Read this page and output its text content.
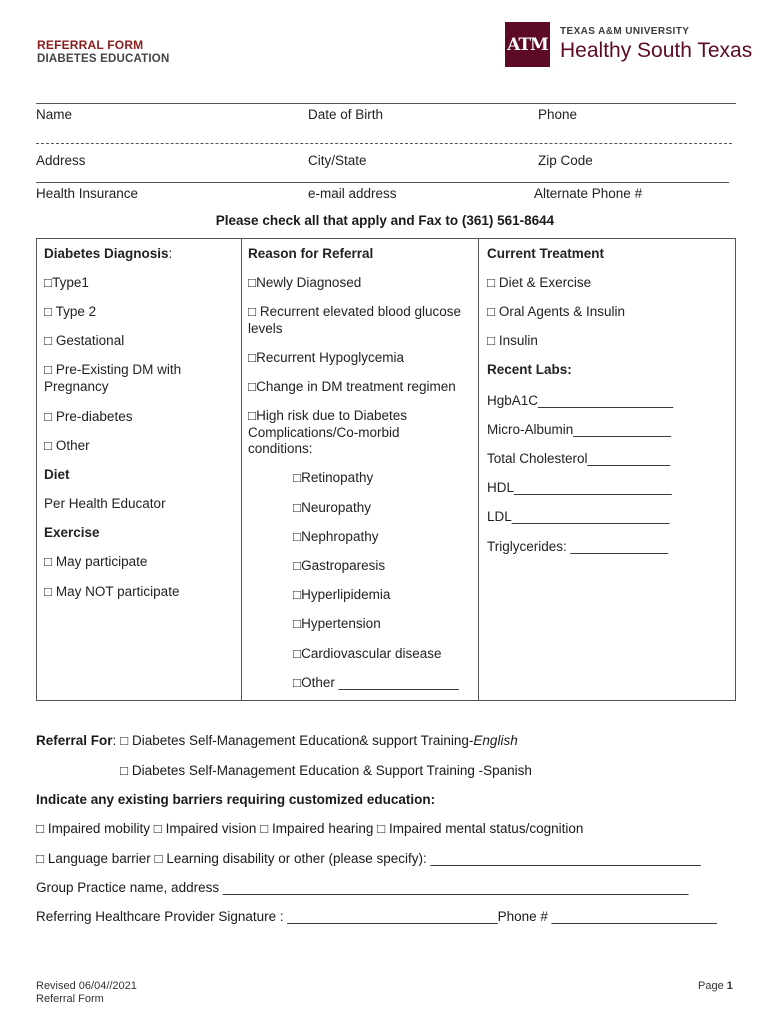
REFERRAL FORM
DIABETES EDUCATION
ATM
TEXAS A&M UNIVERSITY
Healthy South Texas
Name	Date of Birth	Phone
Address	City/State	Zip Code
Health Insurance	e-mail address	Alternate Phone #
Please check all that apply and Fax to (361) 561-8644
Diabetes Diagnosis:
□Type1
□ Type 2
□ Gestational
□ Pre-Existing DM with Pregnancy
□ Pre-diabetes
□ Other
Diet
Per Health Educator
Exercise
□ May participate
□ May NOT participate

Reason for Referral
□Newly Diagnosed
□ Recurrent elevated blood glucose levels
□Recurrent Hypoglycemia
□Change in DM treatment regimen
□High risk due to Diabetes Complications/Co-morbid conditions:
□Retinopathy
□Neuropathy
□Nephropathy
□Gastroparesis
□Hyperlipidemia
□Hypertension
□Cardiovascular disease
□Other ________________

Current Treatment
□ Diet & Exercise
□ Oral Agents & Insulin
□ Insulin
Recent Labs:
HgbA1C__________________
Micro-Albumin_____________
Total Cholesterol___________
HDL_____________________
LDL_____________________
Triglycerides: _____________
Referral For: □ Diabetes Self-Management Education& support Training-English
□ Diabetes Self-Management Education & Support Training -Spanish
Indicate any existing barriers requiring customized education:
□ Impaired mobility □ Impaired vision □ Impaired hearing □ Impaired mental status/cognition
□ Language barrier □ Learning disability or other (please specify): ____________________________________
Group Practice name, address ______________________________________________________________
Referring Healthcare Provider Signature : ____________________________Phone # ______________________
Revised 06/04//2021
Referral Form
Page 1
